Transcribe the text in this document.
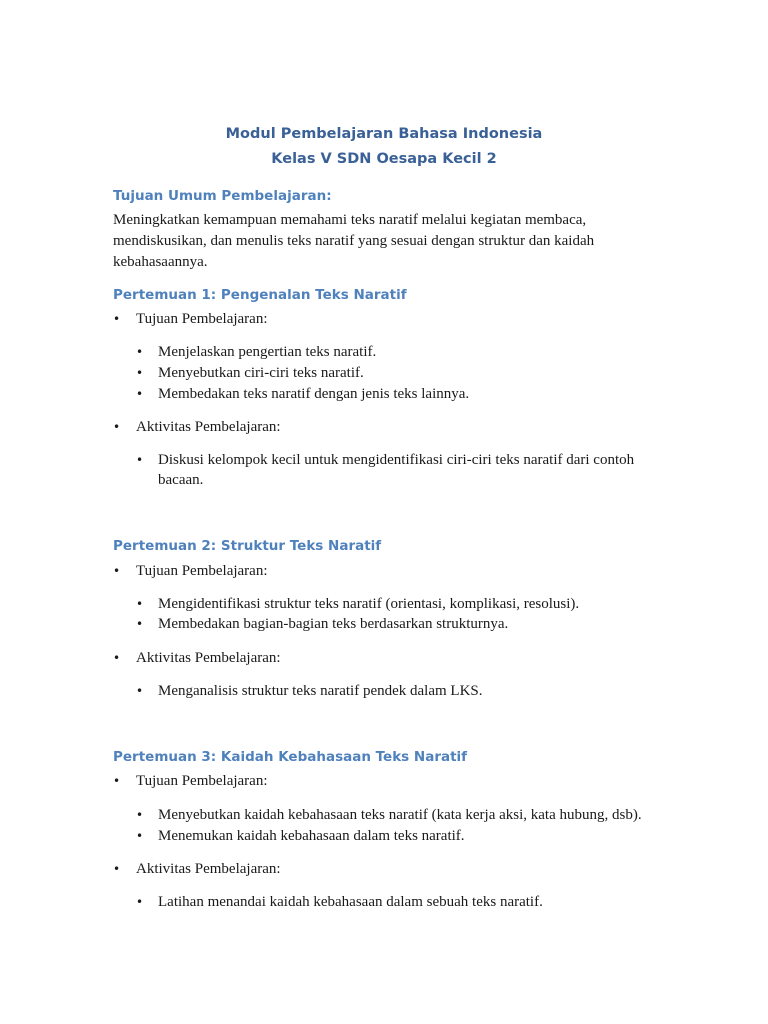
Modul Pembelajaran Bahasa Indonesia
Kelas V SDN Oesapa Kecil 2
Tujuan Umum Pembelajaran:

Meningkatkan kemampuan memahami teks naratif melalui kegiatan membaca, mendiskusikan, dan menulis teks naratif yang sesuai dengan struktur dan kaidah kebahasaannya.

Pertemuan 1: Pengenalan Teks Naratif
• Tujuan Pembelajaran:
• Menjelaskan pengertian teks naratif.
• Menyebutkan ciri-ciri teks naratif.
• Membedakan teks naratif dengan jenis teks lainnya.
• Aktivitas Pembelajaran:
• Diskusi kelompok kecil untuk mengidentifikasi ciri-ciri teks naratif dari contoh bacaan.
Pertemuan 2: Struktur Teks Naratif
• Tujuan Pembelajaran:
• Mengidentifikasi struktur teks naratif (orientasi, komplikasi, resolusi).
• Membedakan bagian-bagian teks berdasarkan strukturnya.
• Aktivitas Pembelajaran:
• Menganalisis struktur teks naratif pendek dalam LKS.
Pertemuan 3: Kaidah Kebahasaan Teks Naratif
• Tujuan Pembelajaran:
• Menyebutkan kaidah kebahasaan teks naratif (kata kerja aksi, kata hubung, dsb).
• Menemukan kaidah kebahasaan dalam teks naratif.
• Aktivitas Pembelajaran:
• Latihan menandai kaidah kebahasaan dalam sebuah teks naratif.
